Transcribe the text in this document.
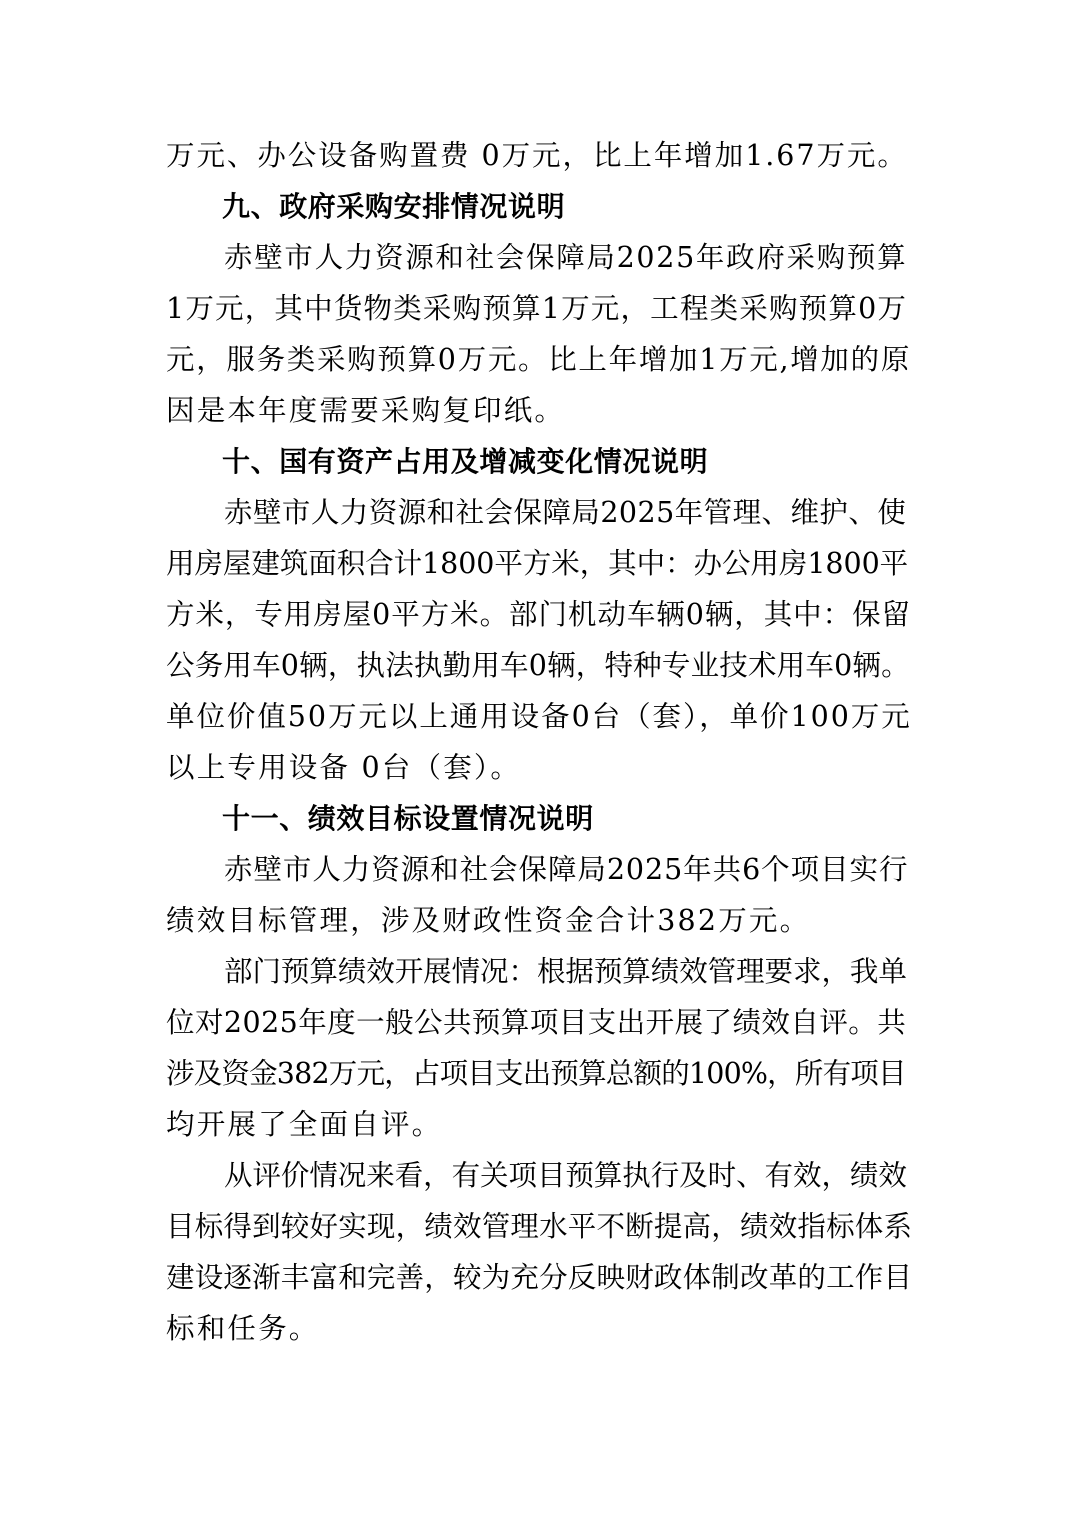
万元、办公设备购置费 0万元，比上年增加1.67万元。
九、政府采购安排情况说明
赤壁市人力资源和社会保障局2025年政府采购预算
1万元，其中货物类采购预算1万元，工程类采购预算0万
元，服务类采购预算0万元。比上年增加1万元,增加的原
因是本年度需要采购复印纸。
十、国有资产占用及增减变化情况说明
赤壁市人力资源和社会保障局2025年管理、维护、使
用房屋建筑面积合计1800平方米，其中：办公用房1800平
方米，专用房屋0平方米。部门机动车辆0辆，其中：保留
公务用车0辆，执法执勤用车0辆，特种专业技术用车0辆。
单位价值50万元以上通用设备0台（套），单价100万元
以上专用设备 0台（套）。
十一、绩效目标设置情况说明
赤壁市人力资源和社会保障局2025年共6个项目实行
绩效目标管理，涉及财政性资金合计382万元。
部门预算绩效开展情况：根据预算绩效管理要求，我单
位对2025年度一般公共预算项目支出开展了绩效自评。共
涉及资金382万元，占项目支出预算总额的100%，所有项目
均开展了全面自评。
从评价情况来看，有关项目预算执行及时、有效，绩效
目标得到较好实现，绩效管理水平不断提高，绩效指标体系
建设逐渐丰富和完善，较为充分反映财政体制改革的工作目
标和任务。
